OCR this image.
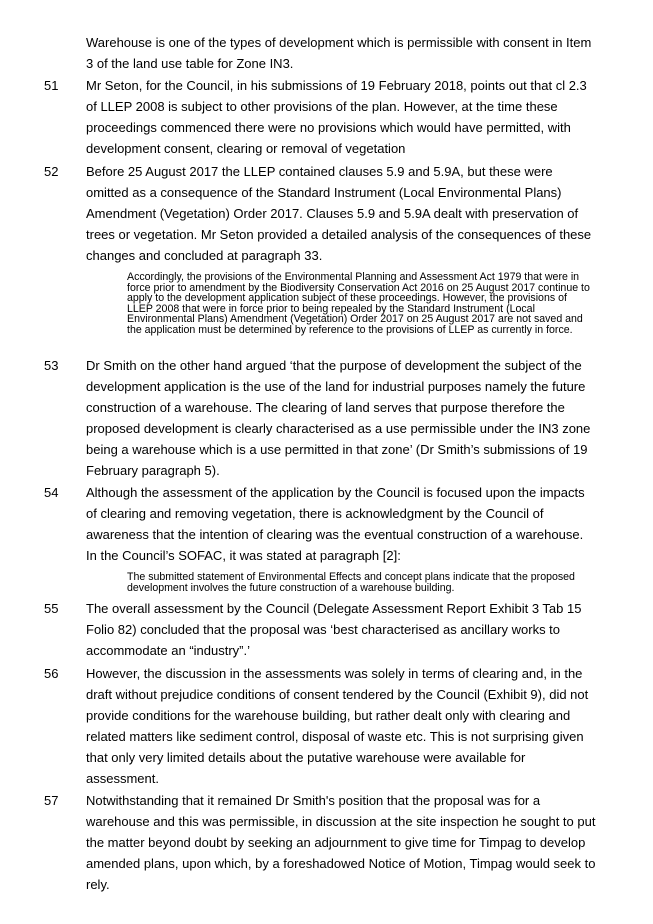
Warehouse is one of the types of development which is permissible with consent in Item 3 of the land use table for Zone IN3.
51 Mr Seton, for the Council, in his submissions of 19 February 2018, points out that cl 2.3 of LLEP 2008 is subject to other provisions of the plan. However, at the time these proceedings commenced there were no provisions which would have permitted, with development consent, clearing or removal of vegetation
52 Before 25 August 2017 the LLEP contained clauses 5.9 and 5.9A, but these were omitted as a consequence of the Standard Instrument (Local Environmental Plans) Amendment (Vegetation) Order 2017. Clauses 5.9 and 5.9A dealt with preservation of trees or vegetation. Mr Seton provided a detailed analysis of the consequences of these changes and concluded at paragraph 33.
Accordingly, the provisions of the Environmental Planning and Assessment Act 1979 that were in force prior to amendment by the Biodiversity Conservation Act 2016 on 25 August 2017 continue to apply to the development application subject of these proceedings. However, the provisions of LLEP 2008 that were in force prior to being repealed by the Standard Instrument (Local Environmental Plans) Amendment (Vegetation) Order 2017 on 25 August 2017 are not saved and the application must be determined by reference to the provisions of LLEP as currently in force.
53 Dr Smith on the other hand argued ‘that the purpose of development the subject of the development application is the use of the land for industrial purposes namely the future construction of a warehouse. The clearing of land serves that purpose therefore the proposed development is clearly characterised as a use permissible under the IN3 zone being a warehouse which is a use permitted in that zone’ (Dr Smith’s submissions of 19 February paragraph 5).
54 Although the assessment of the application by the Council is focused upon the impacts of clearing and removing vegetation, there is acknowledgment by the Council of awareness that the intention of clearing was the eventual construction of a warehouse. In the Council’s SOFAC, it was stated at paragraph [2]:
The submitted statement of Environmental Effects and concept plans indicate that the proposed development involves the future construction of a warehouse building.
55 The overall assessment by the Council (Delegate Assessment Report Exhibit 3 Tab 15 Folio 82) concluded that the proposal was ‘best characterised as ancillary works to accommodate an “industry”.’
56 However, the discussion in the assessments was solely in terms of clearing and, in the draft without prejudice conditions of consent tendered by the Council (Exhibit 9), did not provide conditions for the warehouse building, but rather dealt only with clearing and related matters like sediment control, disposal of waste etc. This is not surprising given that only very limited details about the putative warehouse were available for assessment.
57 Notwithstanding that it remained Dr Smith's position that the proposal was for a warehouse and this was permissible, in discussion at the site inspection he sought to put the matter beyond doubt by seeking an adjournment to give time for Timpag to develop amended plans, upon which, by a foreshadowed Notice of Motion, Timpag would seek to rely.
